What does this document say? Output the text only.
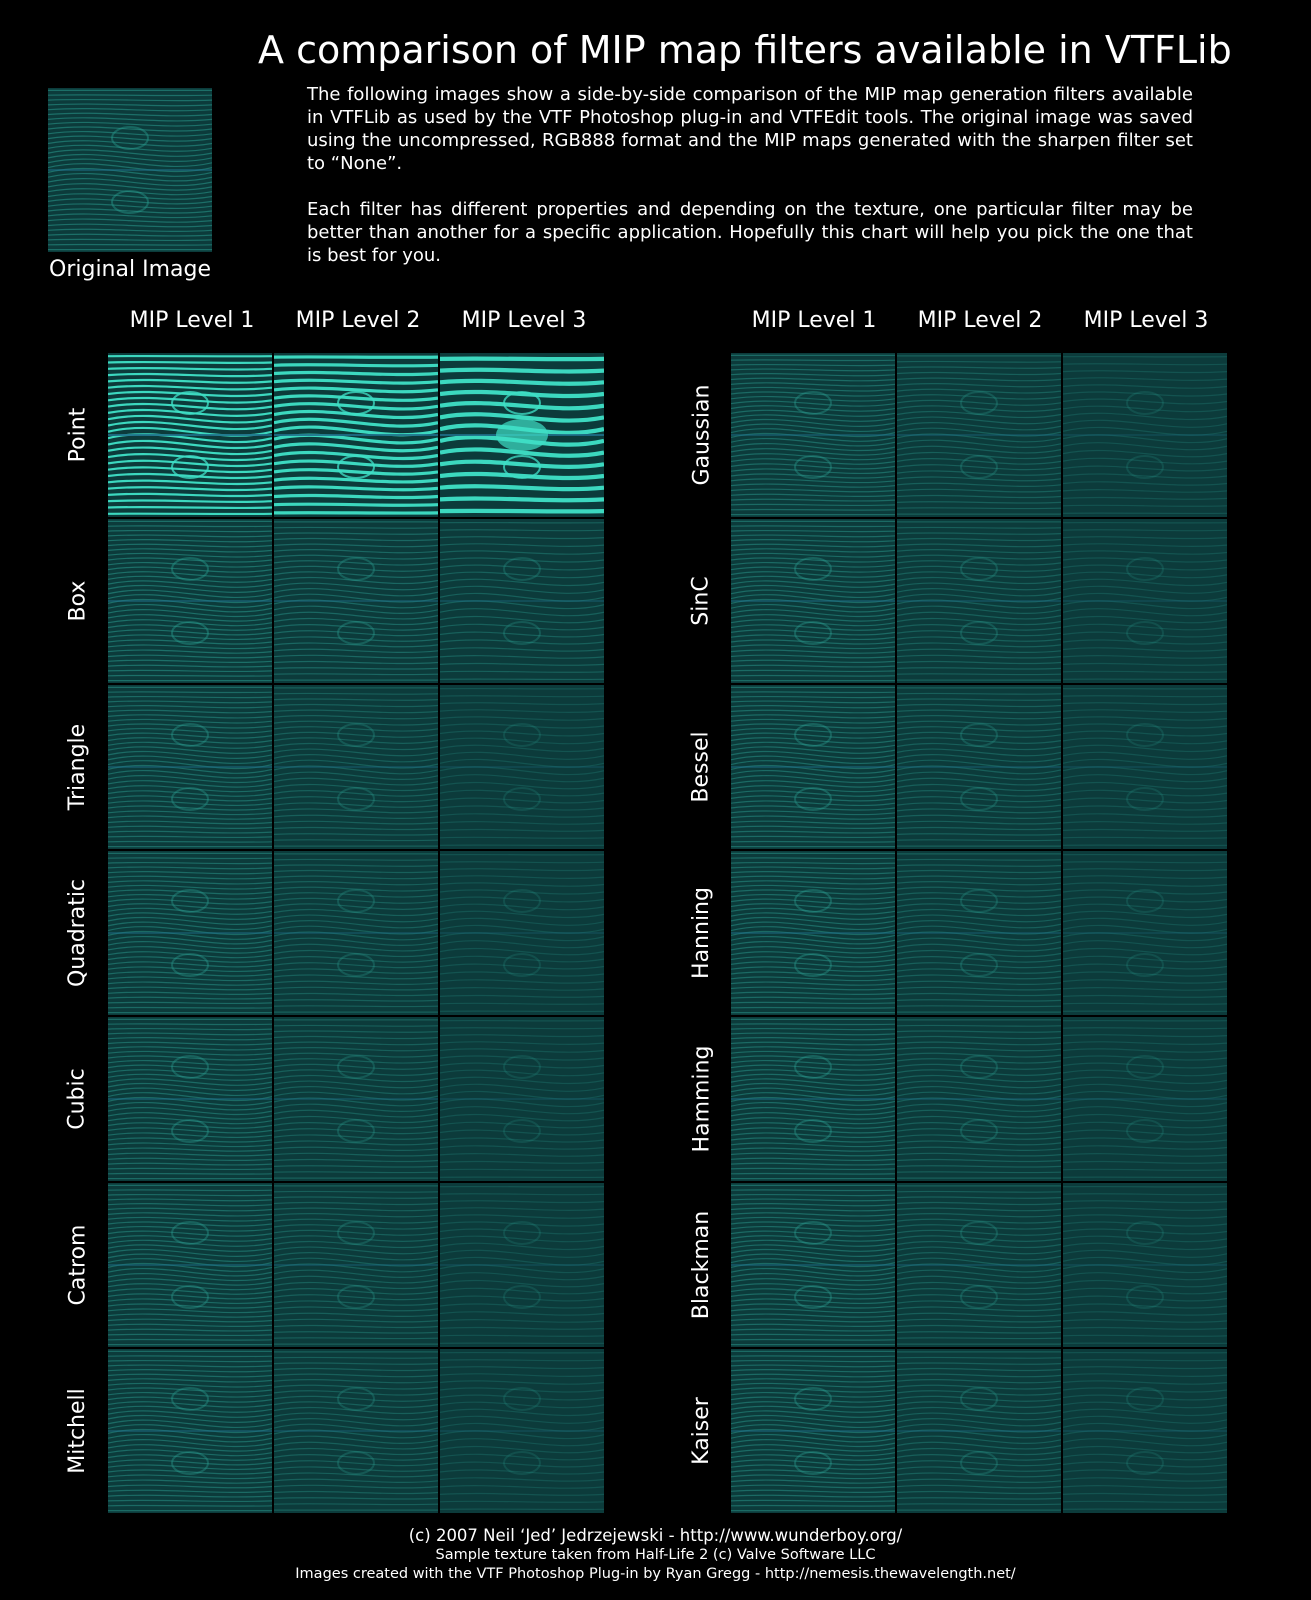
A comparison of MIP map filters available in VTFLib
Original Image

The following images show a side-by-side comparison of the MIP map generation filters available in VTFLib as used by the VTF Photoshop plug-in and VTFEdit tools. The original image was saved using the uncompressed, RGB888 format and the MIP maps generated with the sharpen filter set to “None”.

Each filter has different properties and depending on the texture, one particular filter may be better than another for a specific application. Hopefully this chart will help you pick the one that is best for you.

MIP Level 1	MIP Level 2	MIP Level 3	MIP Level 1	MIP Level 2	MIP Level 3
Point
Box
Triangle
Quadratic
Cubic
Catrom
Mitchell
Gaussian
SinC
Bessel
Hanning
Hamming
Blackman
Kaiser
(c) 2007 Neil ‘Jed’ Jedrzejewski - http://www.wunderboy.org/
Sample texture taken from Half-Life 2 (c) Valve Software LLC
Images created with the VTF Photoshop Plug-in by Ryan Gregg - http://nemesis.thewavelength.net/
